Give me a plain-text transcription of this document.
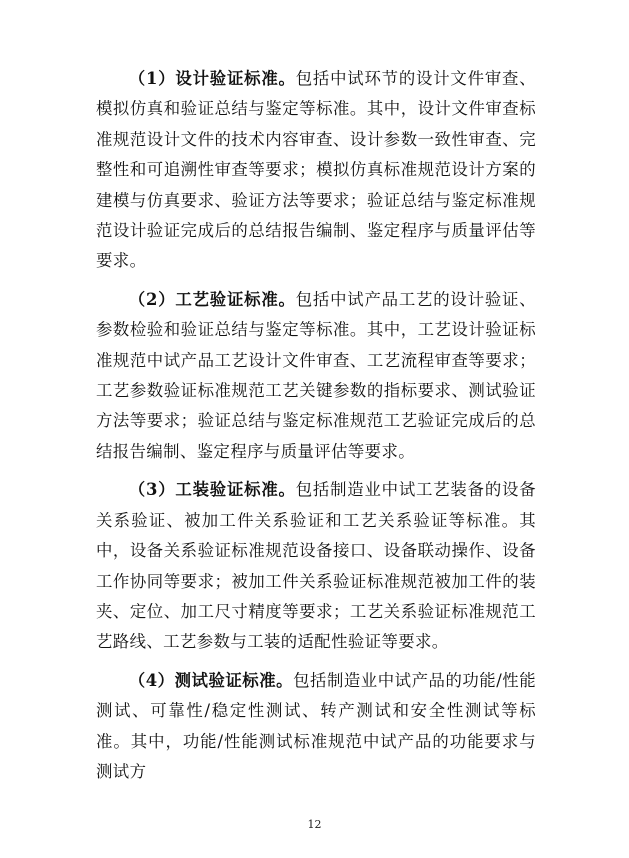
（1）设计验证标准。包括中试环节的设计文件审查、模拟仿真和验证总结与鉴定等标准。其中，设计文件审查标准规范设计文件的技术内容审查、设计参数一致性审查、完整性和可追溯性审查等要求；模拟仿真标准规范设计方案的建模与仿真要求、验证方法等要求；验证总结与鉴定标准规范设计验证完成后的总结报告编制、鉴定程序与质量评估等要求。

（2）工艺验证标准。包括中试产品工艺的设计验证、参数检验和验证总结与鉴定等标准。其中，工艺设计验证标准规范中试产品工艺设计文件审查、工艺流程审查等要求；工艺参数验证标准规范工艺关键参数的指标要求、测试验证方法等要求；验证总结与鉴定标准规范工艺验证完成后的总结报告编制、鉴定程序与质量评估等要求。

（3）工装验证标准。包括制造业中试工艺装备的设备关系验证、被加工件关系验证和工艺关系验证等标准。其中，设备关系验证标准规范设备接口、设备联动操作、设备工作协同等要求；被加工件关系验证标准规范被加工件的装夹、定位、加工尺寸精度等要求；工艺关系验证标准规范工艺路线、工艺参数与工装的适配性验证等要求。

（4）测试验证标准。包括制造业中试产品的功能/性能测试、可靠性/稳定性测试、转产测试和安全性测试等标准。其中，功能/性能测试标准规范中试产品的功能要求与测试方

12
